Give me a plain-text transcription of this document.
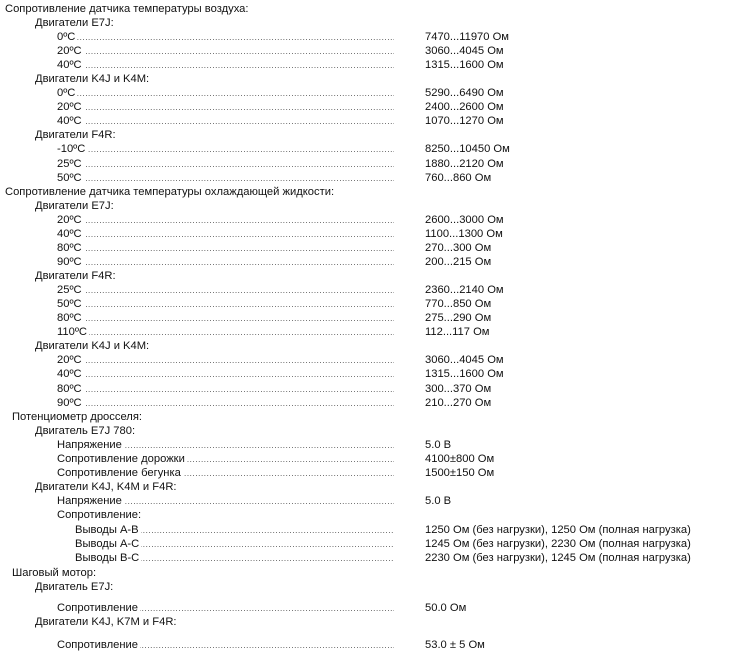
Сопротивление датчика температуры воздуха:
Двигатели E7J:
.....
0ºC	7470...11970 Ом
.....
20ºC	3060...4045 Ом
.....
40ºC	1315...1600 Ом
Двигатели K4J и K4M:
.....
0ºC	5290...6490 Ом
.....
20ºC	2400...2600 Ом
.....
40ºC	1070...1270 Ом
Двигатели F4R:
.....
-10ºC	8250...10450 Ом
.....
25ºC	1880...2120 Ом
.....
50ºC	760...860 Ом
Сопротивление датчика температуры охлаждающей жидкости:
Двигатели E7J:
.....
20ºC	2600...3000 Ом
.....
40ºC	1100...1300 Ом
.....
80ºC	270...300 Ом
.....
90ºC	200...215 Ом
Двигатели F4R:
.....
25ºC	2360...2140 Ом
.....
50ºC	770...850 Ом
.....
80ºC	275...290 Ом
.....
110ºC	112...117 Ом
Двигатели K4J и K4M:
.....
20ºC	3060...4045 Ом
.....
40ºC	1315...1600 Ом
.....
80ºC	300...370 Ом
.....
90ºC	210...270 Ом
Потенциометр дросселя:
Двигатель E7J 780:
.....
Напряжение	5.0 В
.....
Сопротивление дорожки	4100±800 Ом
.....
Сопротивление бегунка	1500±150 Ом
Двигатели K4J, K4M и F4R:
.....
Напряжение	5.0 В
Сопротивление:
.....
Выводы A-B	1250 Ом (без нагрузки), 1250 Ом (полная нагрузка)
.....
Выводы A-C	1245 Ом (без нагрузки), 2230 Ом (полная нагрузка)
.....
Выводы B-C	2230 Ом (без нагрузки), 1245 Ом (полная нагрузка)
Шаговый мотор:
Двигатель E7J:
.....
Сопротивление	50.0 Ом
Двигатели K4J, K7M и F4R:
.....
Сопротивление	53.0 ± 5 Ом
